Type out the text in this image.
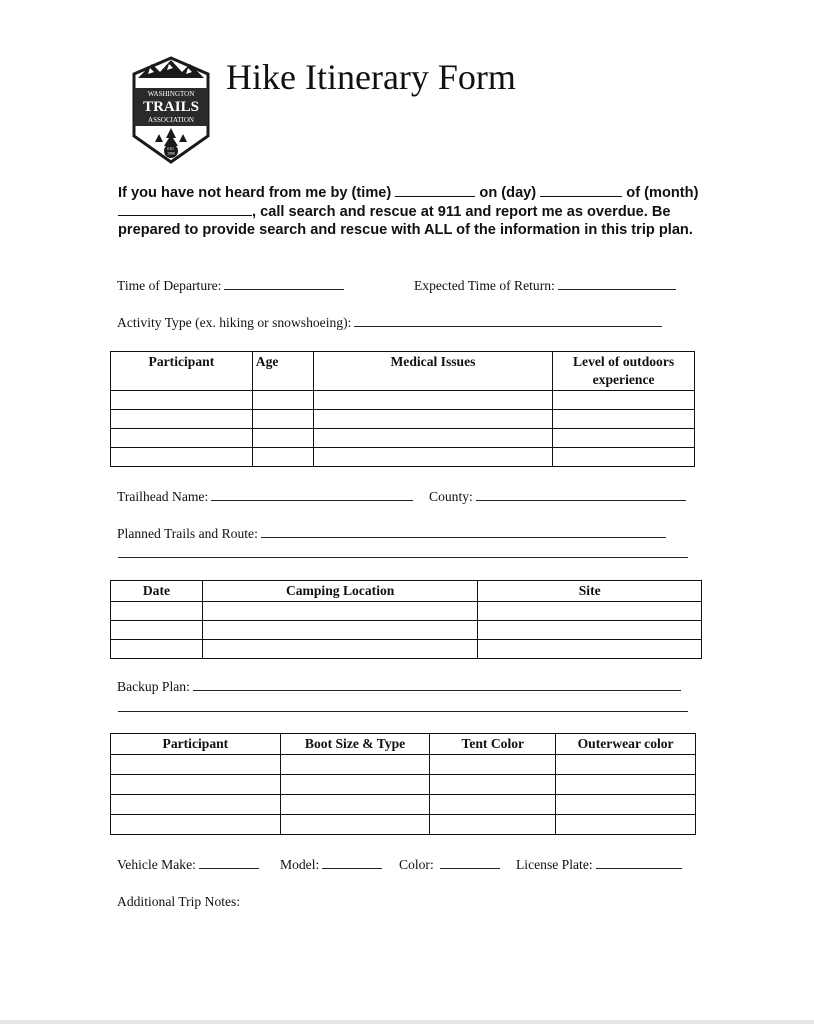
WASHINGTON
TRAILS
ASSOCIATION
EST.
1966
Hike Itinerary Form
If you have not heard from me by (time)	on (day)	of (month) , call search and rescue at 911 and report me as overdue. Be prepared to provide search and rescue with ALL of the information in this trip plan.
Time of Departure:	Expected Time of Return:
Activity Type (ex. hiking or snowshoeing):
Participant	Age	Medical Issues	Level of outdoors experience

Trailhead Name:	County:
Planned Trails and Route:
Date	Camping Location	Site

Backup Plan:
Participant	Boot Size & Type	Tent Color	Outerwear color

Vehicle Make:	Model:	Color:	License Plate:
Additional Trip Notes:
